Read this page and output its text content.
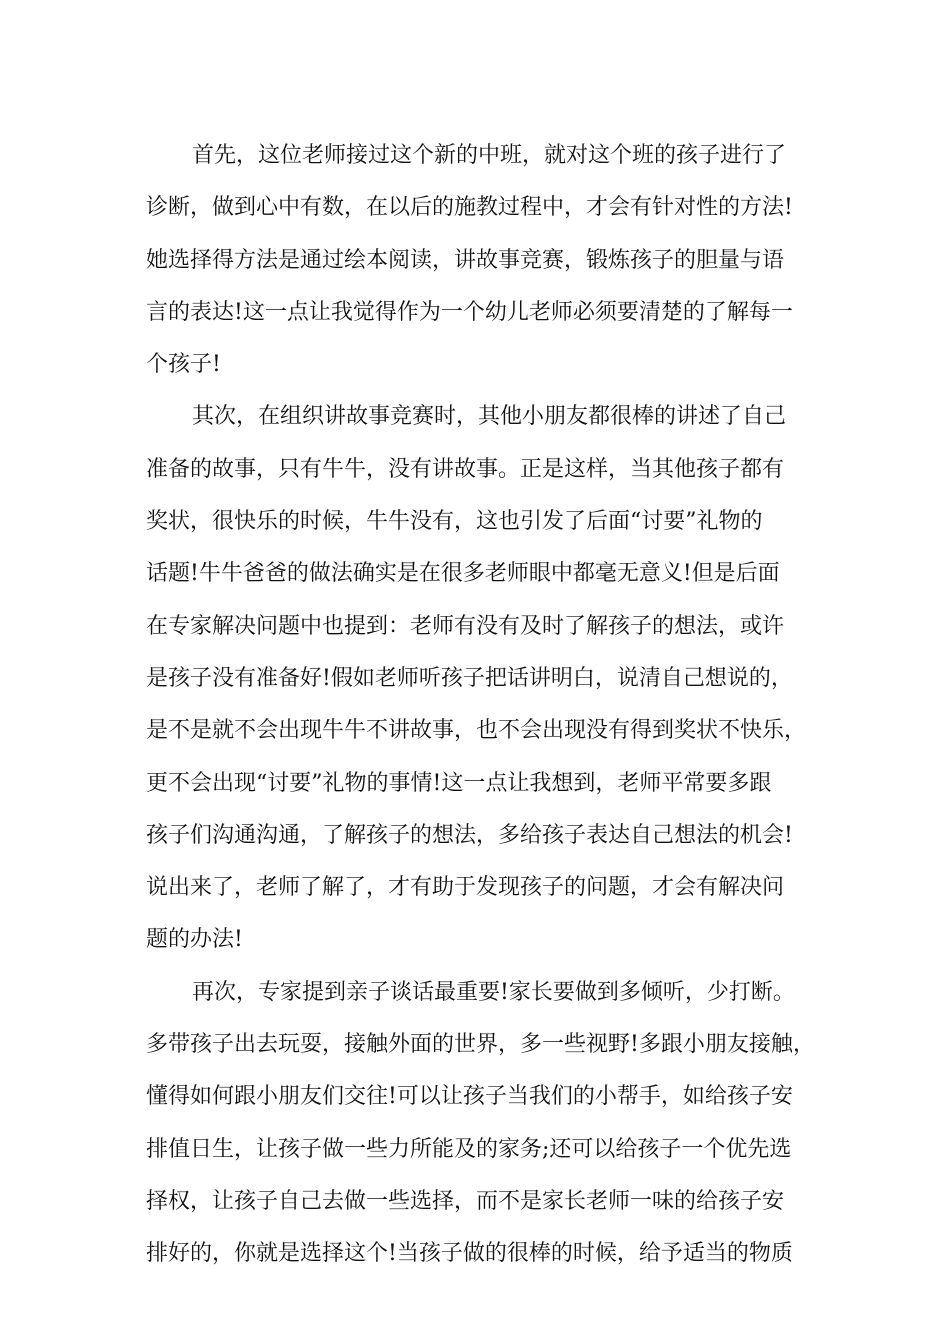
首先，这位老师接过这个新的中班，就对这个班的孩子进行了
诊断，做到心中有数，在以后的施教过程中，才会有针对性的方法!
她选择得方法是通过绘本阅读，讲故事竞赛，锻炼孩子的胆量与语
言的表达!这一点让我觉得作为一个幼儿老师必须要清楚的了解每一
个孩子!
其次，在组织讲故事竞赛时，其他小朋友都很棒的讲述了自己
准备的故事，只有牛牛，没有讲故事。正是这样，当其他孩子都有
奖状，很快乐的时候，牛牛没有，这也引发了后面“讨要”礼物的
话题!牛牛爸爸的做法确实是在很多老师眼中都毫无意义!但是后面
在专家解决问题中也提到：老师有没有及时了解孩子的想法，或许
是孩子没有准备好!假如老师听孩子把话讲明白，说清自己想说的，
是不是就不会出现牛牛不讲故事，也不会出现没有得到奖状不快乐，
更不会出现“讨要”礼物的事情!这一点让我想到，老师平常要多跟
孩子们沟通沟通，了解孩子的想法，多给孩子表达自己想法的机会!
说出来了，老师了解了，才有助于发现孩子的问题，才会有解决问
题的办法!
再次，专家提到亲子谈话最重要!家长要做到多倾听，少打断。
多带孩子出去玩耍，接触外面的世界，多一些视野!多跟小朋友接触，
懂得如何跟小朋友们交往!可以让孩子当我们的小帮手，如给孩子安
排值日生，让孩子做一些力所能及的家务;还可以给孩子一个优先选
择权，让孩子自己去做一些选择，而不是家长老师一味的给孩子安
排好的，你就是选择这个!当孩子做的很棒的时候，给予适当的物质
